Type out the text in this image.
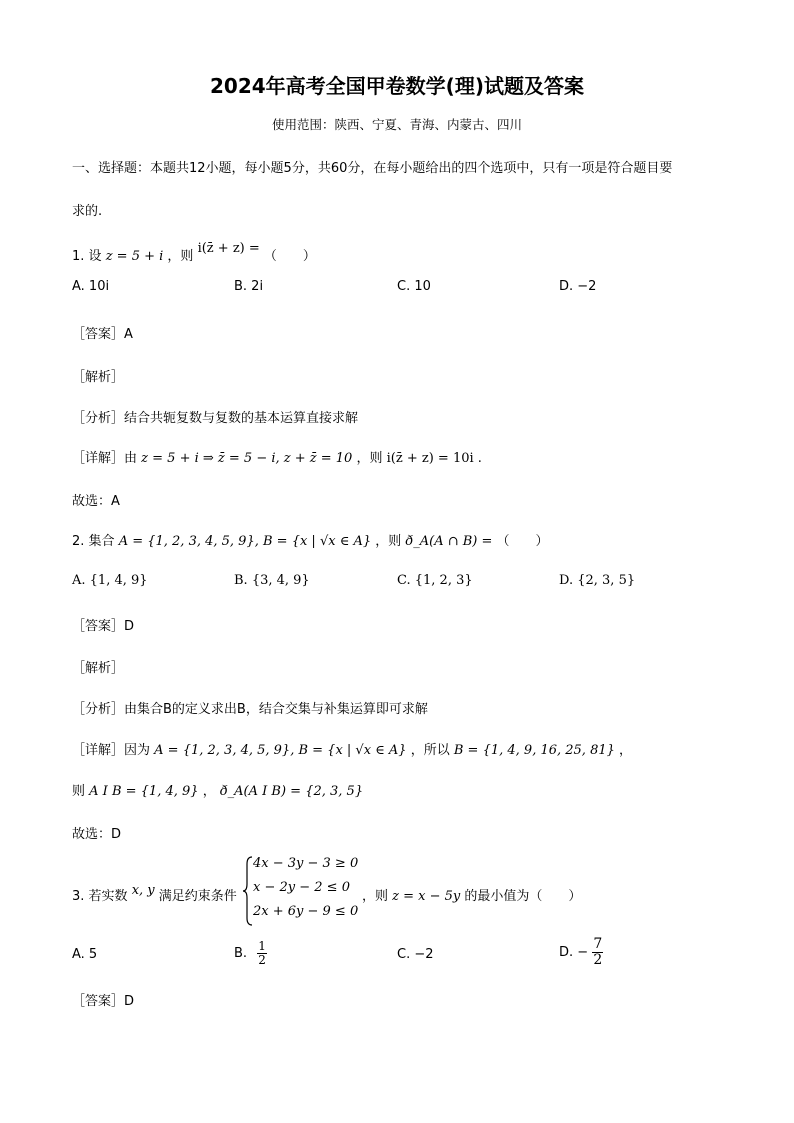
2024年高考全国甲卷数学(理)试题及答案
使用范围：陕西、宁夏、青海、内蒙古、四川
一、选择题：本题共12小题，每小题5分，共60分，在每小题给出的四个选项中，只有一项是符合题目要
求的.
1. 设 z = 5 + i ，则 i(z̄ + z) = （　　）
A. 10i	B. 2i	C. 10	D. −2
［答案］A
［解析］
［分析］结合共轭复数与复数的基本运算直接求解
［详解］由 z = 5 + i ⇒ z̄ = 5 − i, z + z̄ = 10 ，则 i(z̄ + z) = 10i .
故选：A
2. 集合 A = {1, 2, 3, 4, 5, 9}, B = {x | √x ∈ A} ，则 ð_A(A ∩ B) = （　　）
A. {1, 4, 9}	B. {3, 4, 9}	C. {1, 2, 3}	D. {2, 3, 5}
［答案］D
［解析］
［分析］由集合B的定义求出B，结合交集与补集运算即可求解
［详解］因为 A = {1, 2, 3, 4, 5, 9}, B = {x | √x ∈ A} ，所以 B = {1, 4, 9, 16, 25, 81} ，
则 A I B = {1, 4, 9} ， ð_A(A I B) = {2, 3, 5}
故选：D
3. 若实数 x, y 满足约束条件
4x − 3y − 3 ≥ 0
x − 2y − 2 ≤ 0
2x + 6y − 9 ≤ 0
，则 z = x − 5y 的最小值为（　　）
A. 5	B. $\frac{1}{2}$	C. −2	D. − $\frac{7}{2}$
［答案］D
